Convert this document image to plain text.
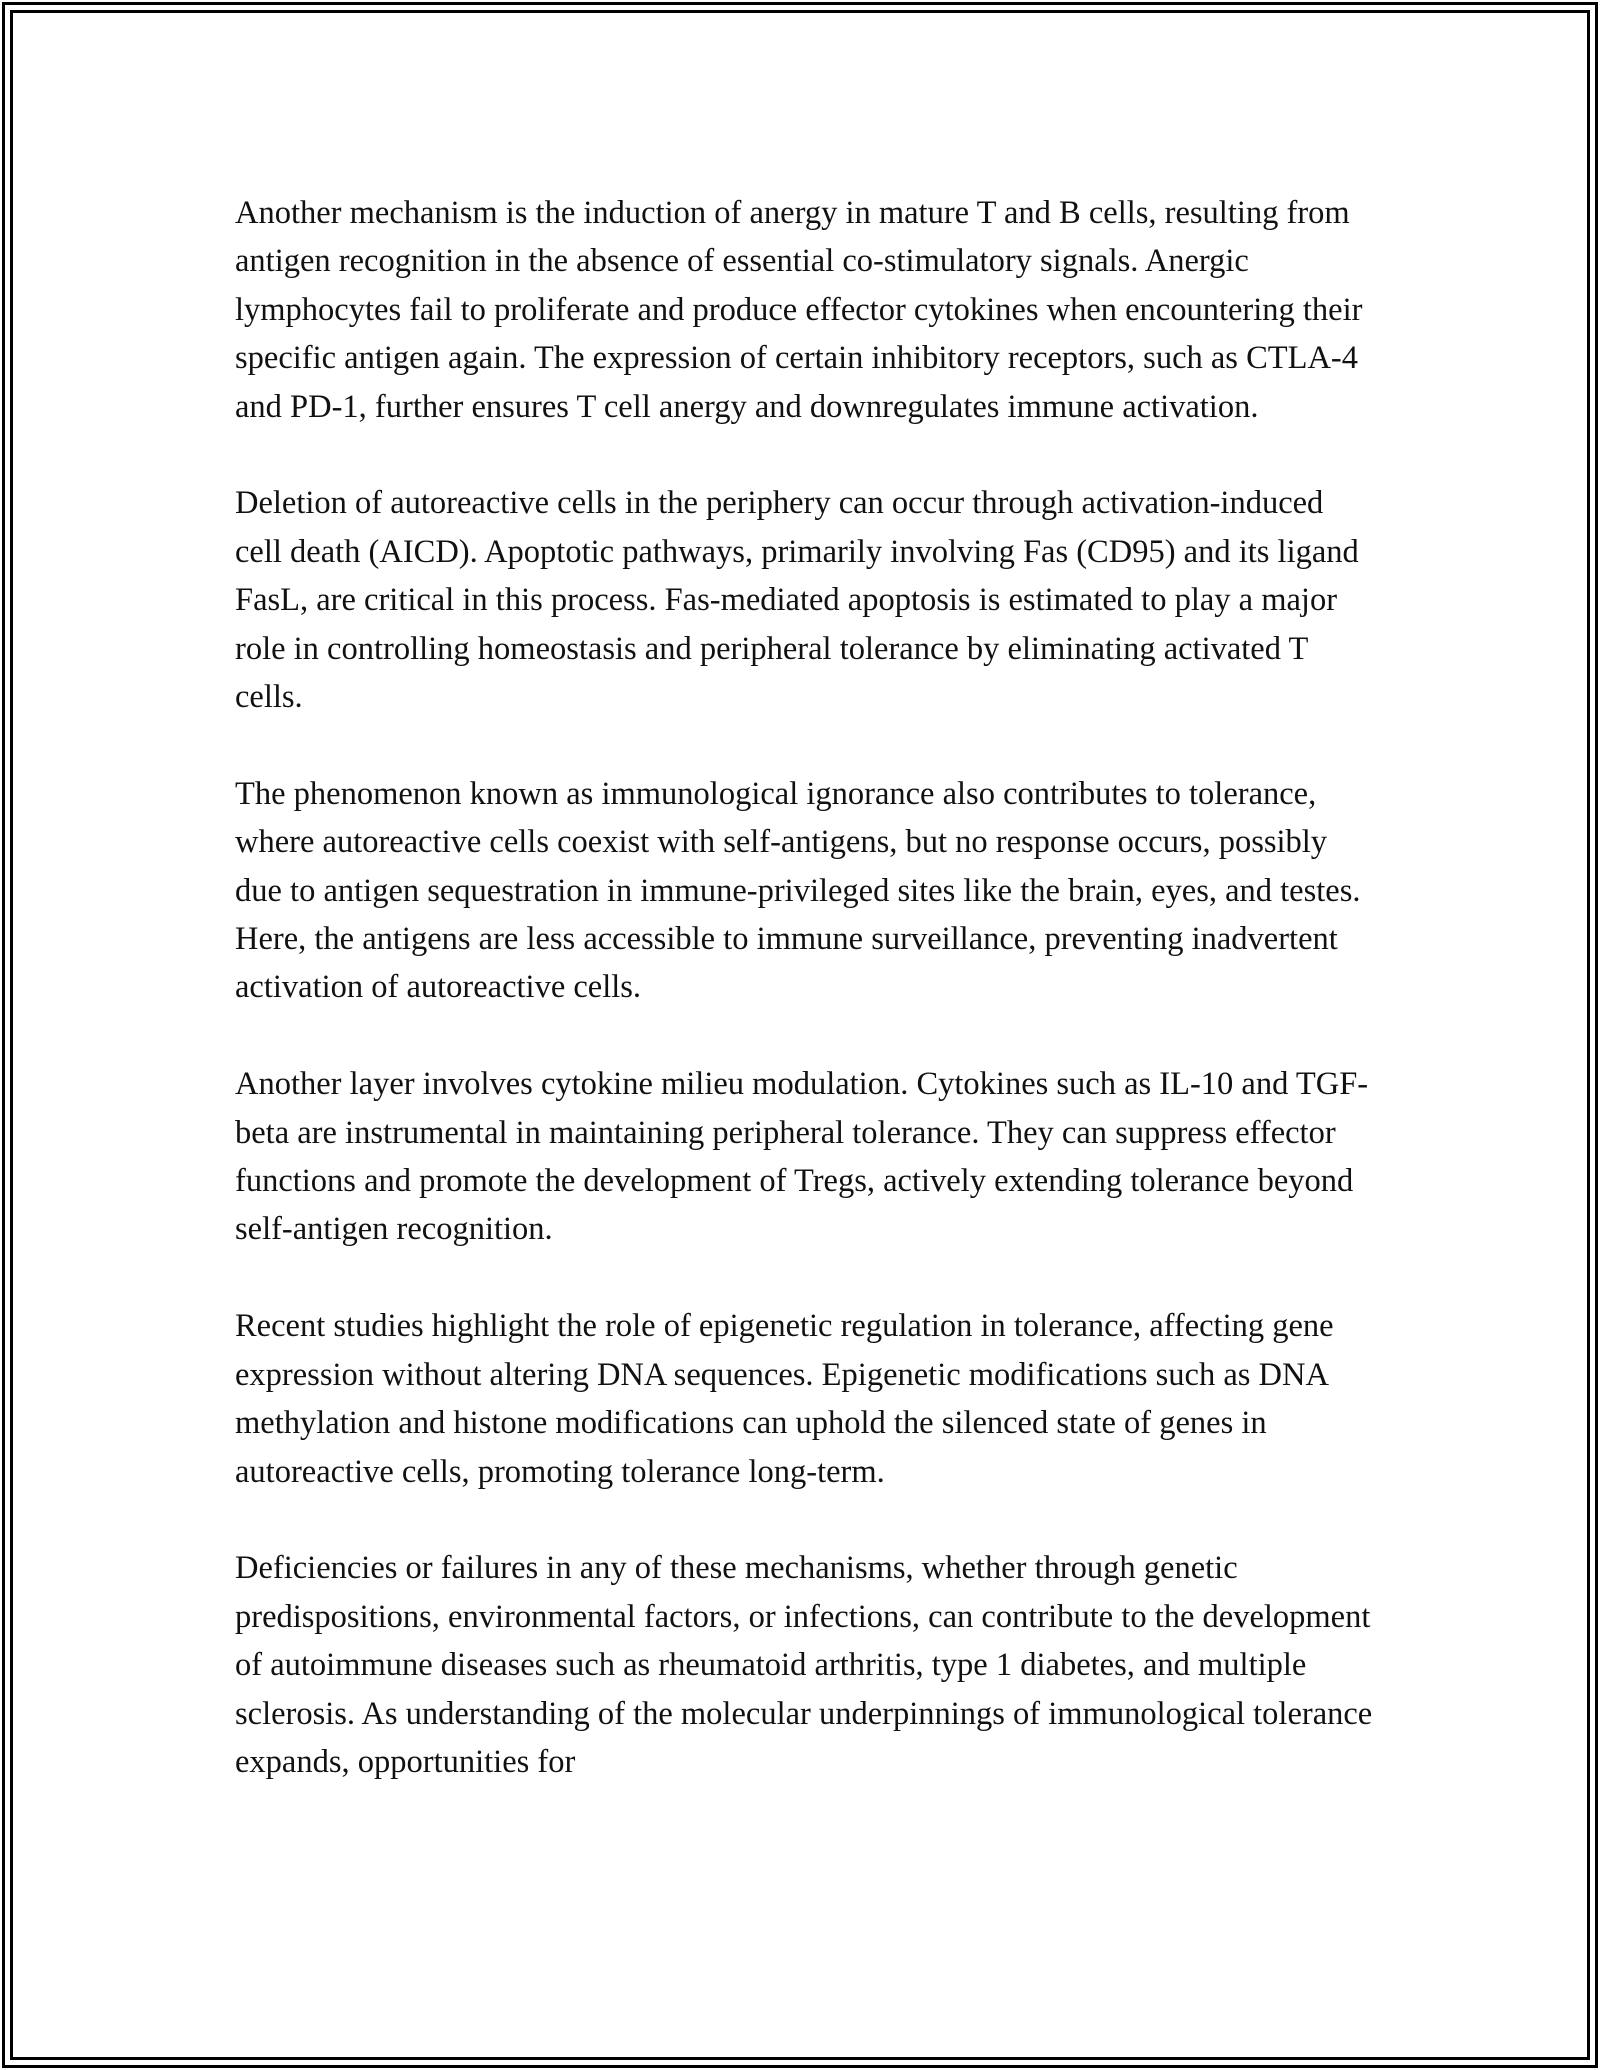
Another mechanism is the induction of anergy in mature T and B cells, resulting from antigen recognition in the absence of essential co-stimulatory signals. Anergic lymphocytes fail to proliferate and produce effector cytokines when encountering their specific antigen again. The expression of certain inhibitory receptors, such as CTLA-4 and PD-1, further ensures T cell anergy and downregulates immune activation.

Deletion of autoreactive cells in the periphery can occur through activation-induced cell death (AICD). Apoptotic pathways, primarily involving Fas (CD95) and its ligand FasL, are critical in this process. Fas-mediated apoptosis is estimated to play a major role in controlling homeostasis and peripheral tolerance by eliminating activated T cells.

The phenomenon known as immunological ignorance also contributes to tolerance, where autoreactive cells coexist with self-antigens, but no response occurs, possibly due to antigen sequestration in immune-privileged sites like the brain, eyes, and testes. Here, the antigens are less accessible to immune surveillance, preventing inadvertent activation of autoreactive cells.

Another layer involves cytokine milieu modulation. Cytokines such as IL-10 and TGF-beta are instrumental in maintaining peripheral tolerance. They can suppress effector functions and promote the development of Tregs, actively extending tolerance beyond self-antigen recognition.

Recent studies highlight the role of epigenetic regulation in tolerance, affecting gene expression without altering DNA sequences. Epigenetic modifications such as DNA methylation and histone modifications can uphold the silenced state of genes in autoreactive cells, promoting tolerance long-term.

Deficiencies or failures in any of these mechanisms, whether through genetic predispositions, environmental factors, or infections, can contribute to the development of autoimmune diseases such as rheumatoid arthritis, type 1 diabetes, and multiple sclerosis. As understanding of the molecular underpinnings of immunological tolerance expands, opportunities for
